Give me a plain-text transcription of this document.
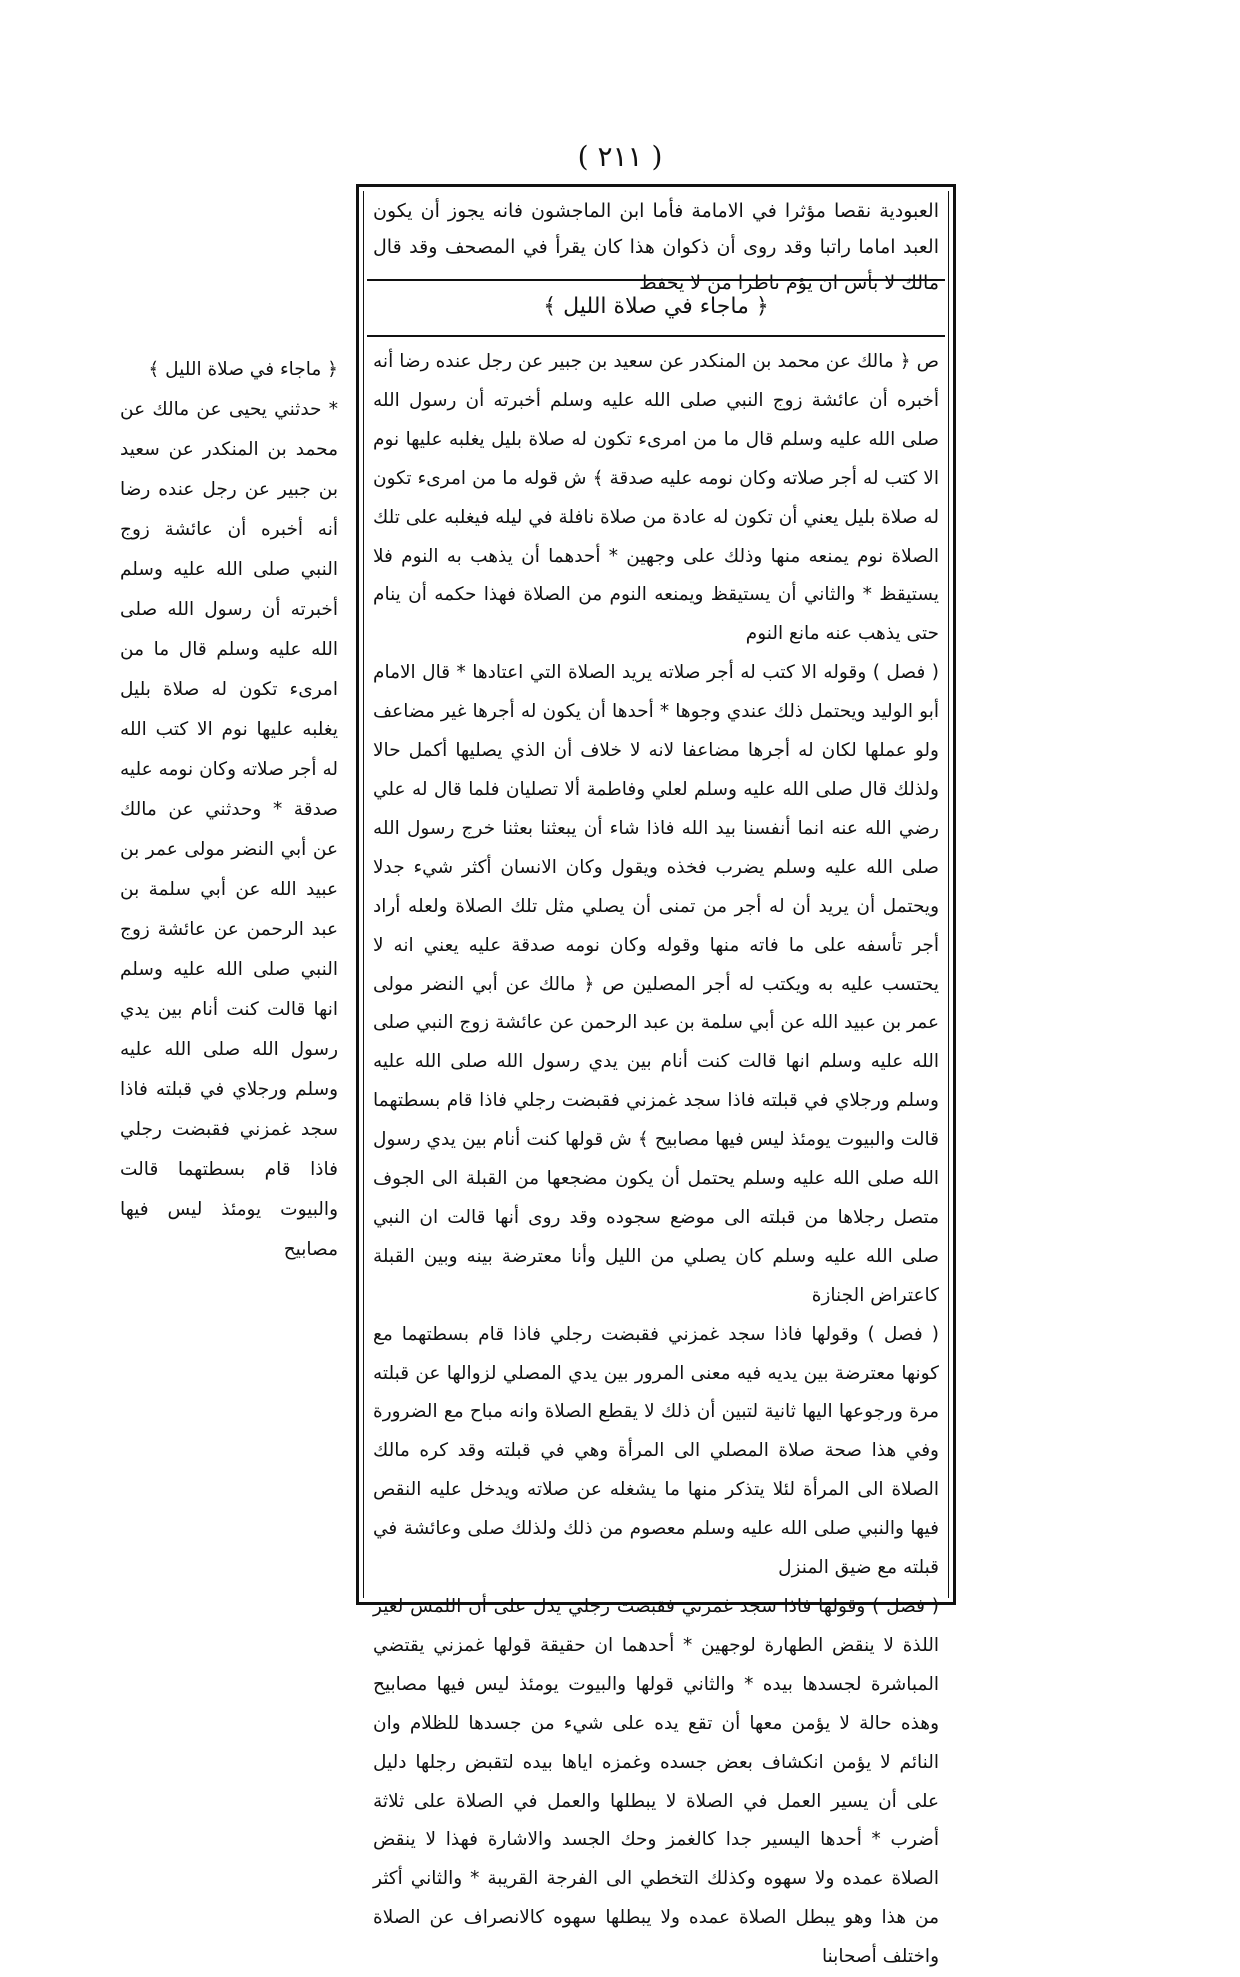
( ٢١١ )
العبودية نقصا مؤثرا في الامامة فأما ابن الماجشون فانه يجوز أن يكون العبد اماما راتبا وقد روى أن ذكوان هذا كان يقرأ في المصحف وقد قال مالك لا بأس ان يؤم ناظرا من لا يحفظ
﴿ ماجاء في صلاة الليل ﴾

ص ﴿ مالك عن محمد بن المنكدر عن سعيد بن جبير عن رجل عنده رضا أنه أخبره أن عائشة زوج النبي صلى الله عليه وسلم أخبرته أن رسول الله صلى الله عليه وسلم قال ما من امرىء تكون له صلاة بليل يغلبه عليها نوم الا كتب له أجر صلاته وكان نومه عليه صدقة ﴾ ش قوله ما من امرىء تكون له صلاة بليل يعني أن تكون له عادة من صلاة نافلة في ليله فيغلبه على تلك الصلاة نوم يمنعه منها وذلك على وجهين * أحدهما أن يذهب به النوم فلا يستيقظ * والثاني أن يستيقظ ويمنعه النوم من الصلاة فهذا حكمه أن ينام حتى يذهب عنه مانع النوم

( فصل ) وقوله الا كتب له أجر صلاته يريد الصلاة التي اعتادها * قال الامام أبو الوليد ويحتمل ذلك عندي وجوها * أحدها أن يكون له أجرها غير مضاعف ولو عملها لكان له أجرها مضاعفا لانه لا خلاف أن الذي يصليها أكمل حالا ولذلك قال صلى الله عليه وسلم لعلي وفاطمة ألا تصليان فلما قال له علي رضي الله عنه انما أنفسنا بيد الله فاذا شاء أن يبعثنا بعثنا خرج رسول الله صلى الله عليه وسلم يضرب فخذه ويقول وكان الانسان أكثر شيء جدلا ويحتمل أن يريد أن له أجر من تمنى أن يصلي مثل تلك الصلاة ولعله أراد أجر تأسفه على ما فاته منها وقوله وكان نومه صدقة عليه يعني انه لا يحتسب عليه به ويكتب له أجر المصلين ص ﴿ مالك عن أبي النضر مولى عمر بن عبيد الله عن أبي سلمة بن عبد الرحمن عن عائشة زوج النبي صلى الله عليه وسلم انها قالت كنت أنام بين يدي رسول الله صلى الله عليه وسلم ورجلاي في قبلته فاذا سجد غمزني فقبضت رجلي فاذا قام بسطتهما قالت والبيوت يومئذ ليس فيها مصابيح ﴾ ش قولها كنت أنام بين يدي رسول الله صلى الله عليه وسلم يحتمل أن يكون مضجعها من القبلة الى الجوف متصل رجلاها من قبلته الى موضع سجوده وقد روى أنها قالت ان النبي صلى الله عليه وسلم كان يصلي من الليل وأنا معترضة بينه وبين القبلة كاعتراض الجنازة

( فصل ) وقولها فاذا سجد غمزني فقبضت رجلي فاذا قام بسطتهما مع كونها معترضة بين يديه فيه معنى المرور بين يدي المصلي لزوالها عن قبلته مرة ورجوعها اليها ثانية لتبين أن ذلك لا يقطع الصلاة وانه مباح مع الضرورة وفي هذا صحة صلاة المصلي الى المرأة وهي في قبلته وقد كره مالك الصلاة الى المرأة لئلا يتذكر منها ما يشغله عن صلاته ويدخل عليه النقص فيها والنبي صلى الله عليه وسلم معصوم من ذلك ولذلك صلى وعائشة في قبلته مع ضيق المنزل

( فصل ) وقولها فاذا سجد غمزني فقبضت رجلي يدل على أن اللمس لغير اللذة لا ينقض الطهارة لوجهين * أحدهما ان حقيقة قولها غمزني يقتضي المباشرة لجسدها بيده * والثاني قولها والبيوت يومئذ ليس فيها مصابيح وهذه حالة لا يؤمن معها أن تقع يده على شيء من جسدها للظلام وان النائم لا يؤمن انكشاف بعض جسده وغمزه اياها بيده لتقبض رجلها دليل على أن يسير العمل في الصلاة لا يبطلها والعمل في الصلاة على ثلاثة أضرب * أحدها اليسير جدا كالغمز وحك الجسد والاشارة فهذا لا ينقض الصلاة عمده ولا سهوه وكذلك التخطي الى الفرجة القريبة * والثاني أكثر من هذا وهو يبطل الصلاة عمده ولا يبطلها سهوه كالانصراف عن الصلاة واختلف أصحابنا

﴿ ماجاء في صلاة الليل ﴾

* حدثني يحيى عن مالك عن محمد بن المنكدر عن سعيد بن جبير عن رجل عنده رضا أنه أخبره أن عائشة زوج النبي صلى الله عليه وسلم أخبرته أن رسول الله صلى الله عليه وسلم قال ما من امرىء تكون له صلاة بليل يغلبه عليها نوم الا كتب الله له أجر صلاته وكان نومه عليه صدقة * وحدثني عن مالك عن أبي النضر مولى عمر بن عبيد الله عن أبي سلمة بن عبد الرحمن عن عائشة زوج النبي صلى الله عليه وسلم انها قالت كنت أنام بين يدي رسول الله صلى الله عليه وسلم ورجلاي في قبلته فاذا سجد غمزني فقبضت رجلي فاذا قام بسطتهما قالت والبيوت يومئذ ليس فيها مصابيح
